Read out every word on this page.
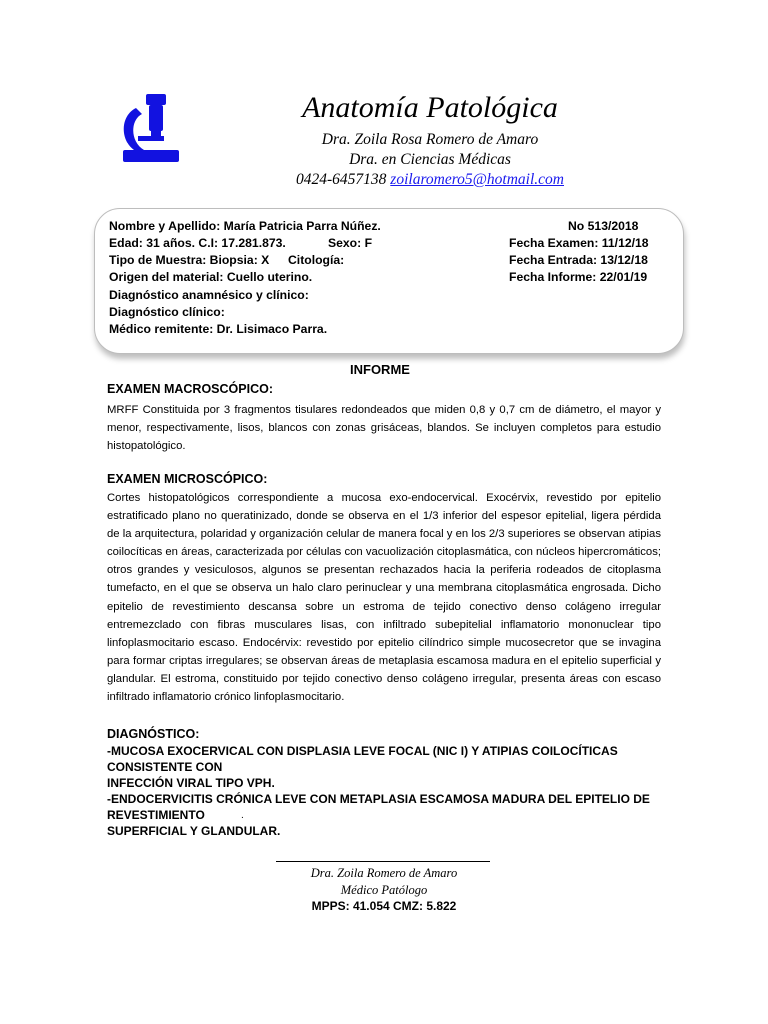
Anatomía Patológica
Dra. Zoila Rosa Romero de Amaro
Dra. en Ciencias Médicas
0424-6457138 zoilaromero5@hotmail.com
Nombre y Apellido: María Patricia Parra Núñez.	No 513/2018
Edad: 31 años. C.I: 17.281.873.	Sexo: F	Fecha Examen: 11/12/18
Tipo de Muestra: Biopsia: X Citología:	Fecha Entrada: 13/12/18
Origen del material: Cuello uterino.	Fecha Informe: 22/01/19
Diagnóstico anamnésico y clínico:
Diagnóstico clínico:
Médico remitente: Dr. Lisimaco Parra.
INFORME
EXAMEN MACROSCÓPICO:
MRFF Constituida por 3 fragmentos tisulares redondeados que miden 0,8 y 0,7 cm de diámetro, el mayor y
menor, respectivamente, lisos, blancos con zonas grisáceas, blandos. Se incluyen completos para estudio
histopatológico.
EXAMEN MICROSCÓPICO:
Cortes histopatológicos correspondiente a mucosa exo-endocervical. Exocérvix, revestido por epitelio
estratificado plano no queratinizado, donde se observa en el 1/3 inferior del espesor epitelial, ligera pérdida
de la arquitectura, polaridad y organización celular de manera focal y en los 2/3 superiores se observan atipias
coilocíticas en áreas, caracterizada por células con vacuolización citoplasmática, con núcleos hipercromáticos;
otros grandes y vesiculosos, algunos se presentan rechazados hacia la periferia rodeados de citoplasma
tumefacto, en el que se observa un halo claro perinuclear y una membrana citoplasmática engrosada. Dicho
epitelio de revestimiento descansa sobre un estroma de tejido conectivo denso colágeno irregular
entremezclado con fibras musculares lisas, con infiltrado subepitelial inflamatorio mononuclear tipo
linfoplasmocitario escaso. Endocérvix: revestido por epitelio cilíndrico simple mucosecretor que se invagina
para formar criptas irregulares; se observan áreas de metaplasia escamosa madura en el epitelio superficial y
glandular. El estroma, constituido por tejido conectivo denso colágeno irregular, presenta áreas con escaso
infiltrado inflamatorio crónico linfoplasmocitario.
DIAGNÓSTICO:
-MUCOSA EXOCERVICAL CON DISPLASIA LEVE FOCAL (NIC I) Y ATIPIAS COILOCÍTICAS CONSISTENTE CON
INFECCIÓN VIRAL TIPO VPH.
-ENDOCERVICITIS CRÓNICA LEVE CON METAPLASIA ESCAMOSA MADURA DEL EPITELIO DE REVESTIMIENTO
SUPERFICIAL Y GLANDULAR.
.
Dra. Zoila Romero de Amaro
Médico Patólogo
MPPS: 41.054 CMZ: 5.822
